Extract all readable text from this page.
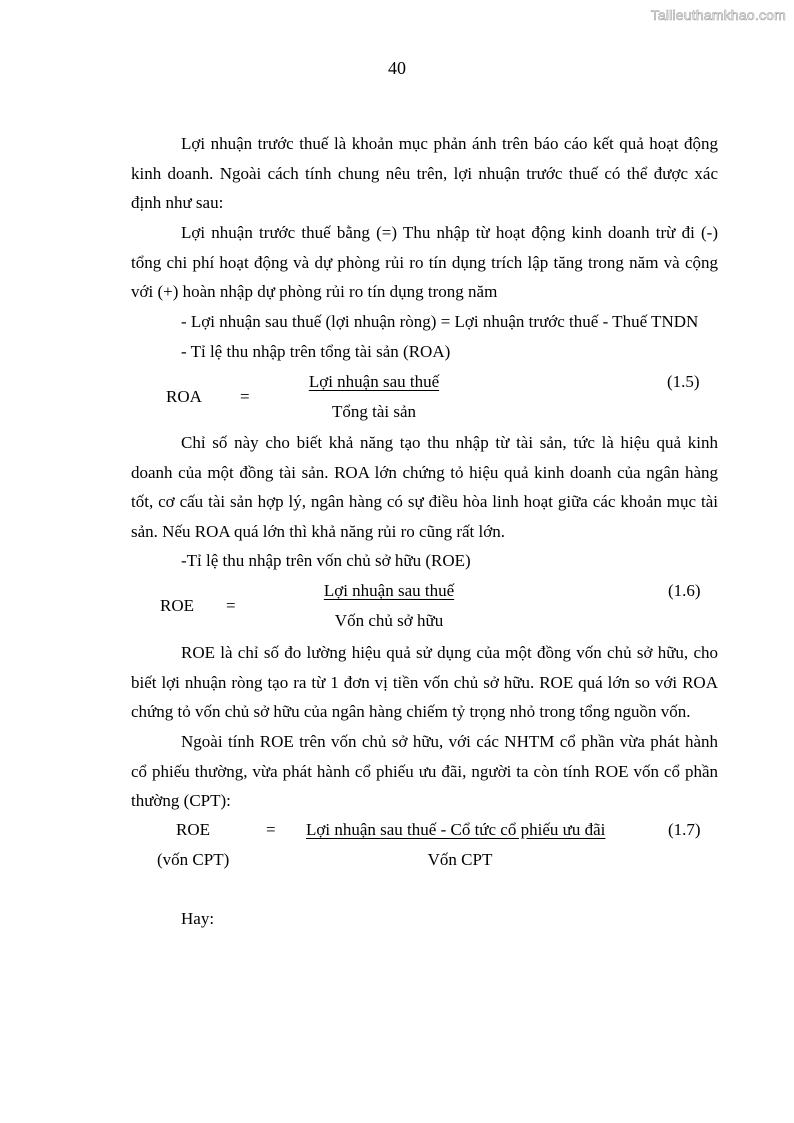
Tailieuthamkhao.com
40

Lợi nhuận trước thuế là khoản mục phản ánh trên báo cáo kết quả hoạt động kinh doanh. Ngoài cách tính chung nêu trên, lợi nhuận trước thuế có thể được xác định như sau:

Lợi nhuận trước thuế bằng (=) Thu nhập từ hoạt động kinh doanh trừ đi (-) tổng chi phí hoạt động và dự phòng rủi ro tín dụng trích lập tăng trong năm và cộng với (+) hoàn nhập dự phòng rủi ro tín dụng trong năm

- Lợi nhuận sau thuế (lợi nhuận ròng) = Lợi nhuận trước thuế - Thuế TNDN
- Tỉ lệ thu nhập trên tổng tài sản (ROA)
ROA =
Lợi nhuận sau thuế
Tổng tài sản
(1.5)

Chỉ số này cho biết khả năng tạo thu nhập từ tài sản, tức là hiệu quả kinh doanh của một đồng tài sản. ROA lớn chứng tỏ hiệu quả kinh doanh của ngân hàng tốt, cơ cấu tài sản hợp lý, ngân hàng có sự điều hòa linh hoạt giữa các khoản mục tài sản. Nếu ROA quá lớn thì khả năng rủi ro cũng rất lớn.

-Tỉ lệ thu nhập trên vốn chủ sở hữu (ROE)
ROE =
Lợi nhuận sau thuế
Vốn chủ sở hữu
(1.6)

ROE là chỉ số đo lường hiệu quả sử dụng của một đồng vốn chủ sở hữu, cho biết lợi nhuận ròng tạo ra từ 1 đơn vị tiền vốn chủ sở hữu. ROE quá lớn so với ROA chứng tỏ vốn chủ sở hữu của ngân hàng chiếm tỷ trọng nhỏ trong tổng nguồn vốn.

Ngoài tính ROE trên vốn chủ sở hữu, với các NHTM cổ phần vừa phát hành cổ phiếu thường, vừa phát hành cổ phiếu ưu đãi, người ta còn tính ROE vốn cổ phần thường (CPT):

ROE
(vốn CPT)
= Lợi nhuận sau thuế - Cổ tức cổ phiếu ưu đãi
Vốn CPT
(1.7)
Hay:
